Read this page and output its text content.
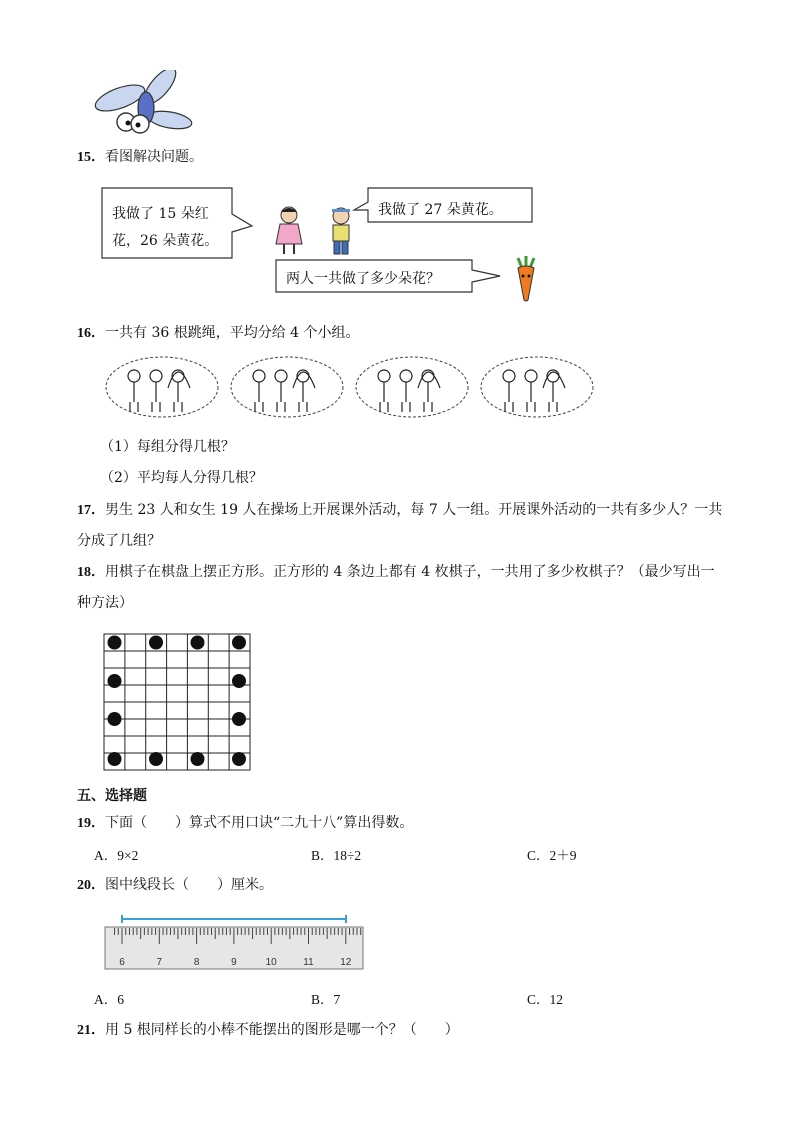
15．看图解决问题。
我做了 15 朵红
花，26 朵黄花。
我做了 27 朵黄花。
两人一共做了多少朵花？
16．一共有 36 根跳绳，平均分给 4 个小组。
（1）每组分得几根？
（2）平均每人分得几根？
17．男生 23 人和女生 19 人在操场上开展课外活动，每 7 人一组。开展课外活动的一共有多少人？一共
分成了几组？
18．用棋子在棋盘上摆正方形。正方形的 4 条边上都有 4 枚棋子，一共用了多少枚棋子？（最少写出一
种方法）
五、选择题
19．下面（　　）算式不用口诀“二九十八”算出得数。
A．9×2	B．18÷2	C．2＋9
20．图中线段长（　　）厘米。
6	7	8	9	10	11	12
A．6	B．7	C．12
21．用 5 根同样长的小棒不能摆出的图形是哪一个？（　　）
